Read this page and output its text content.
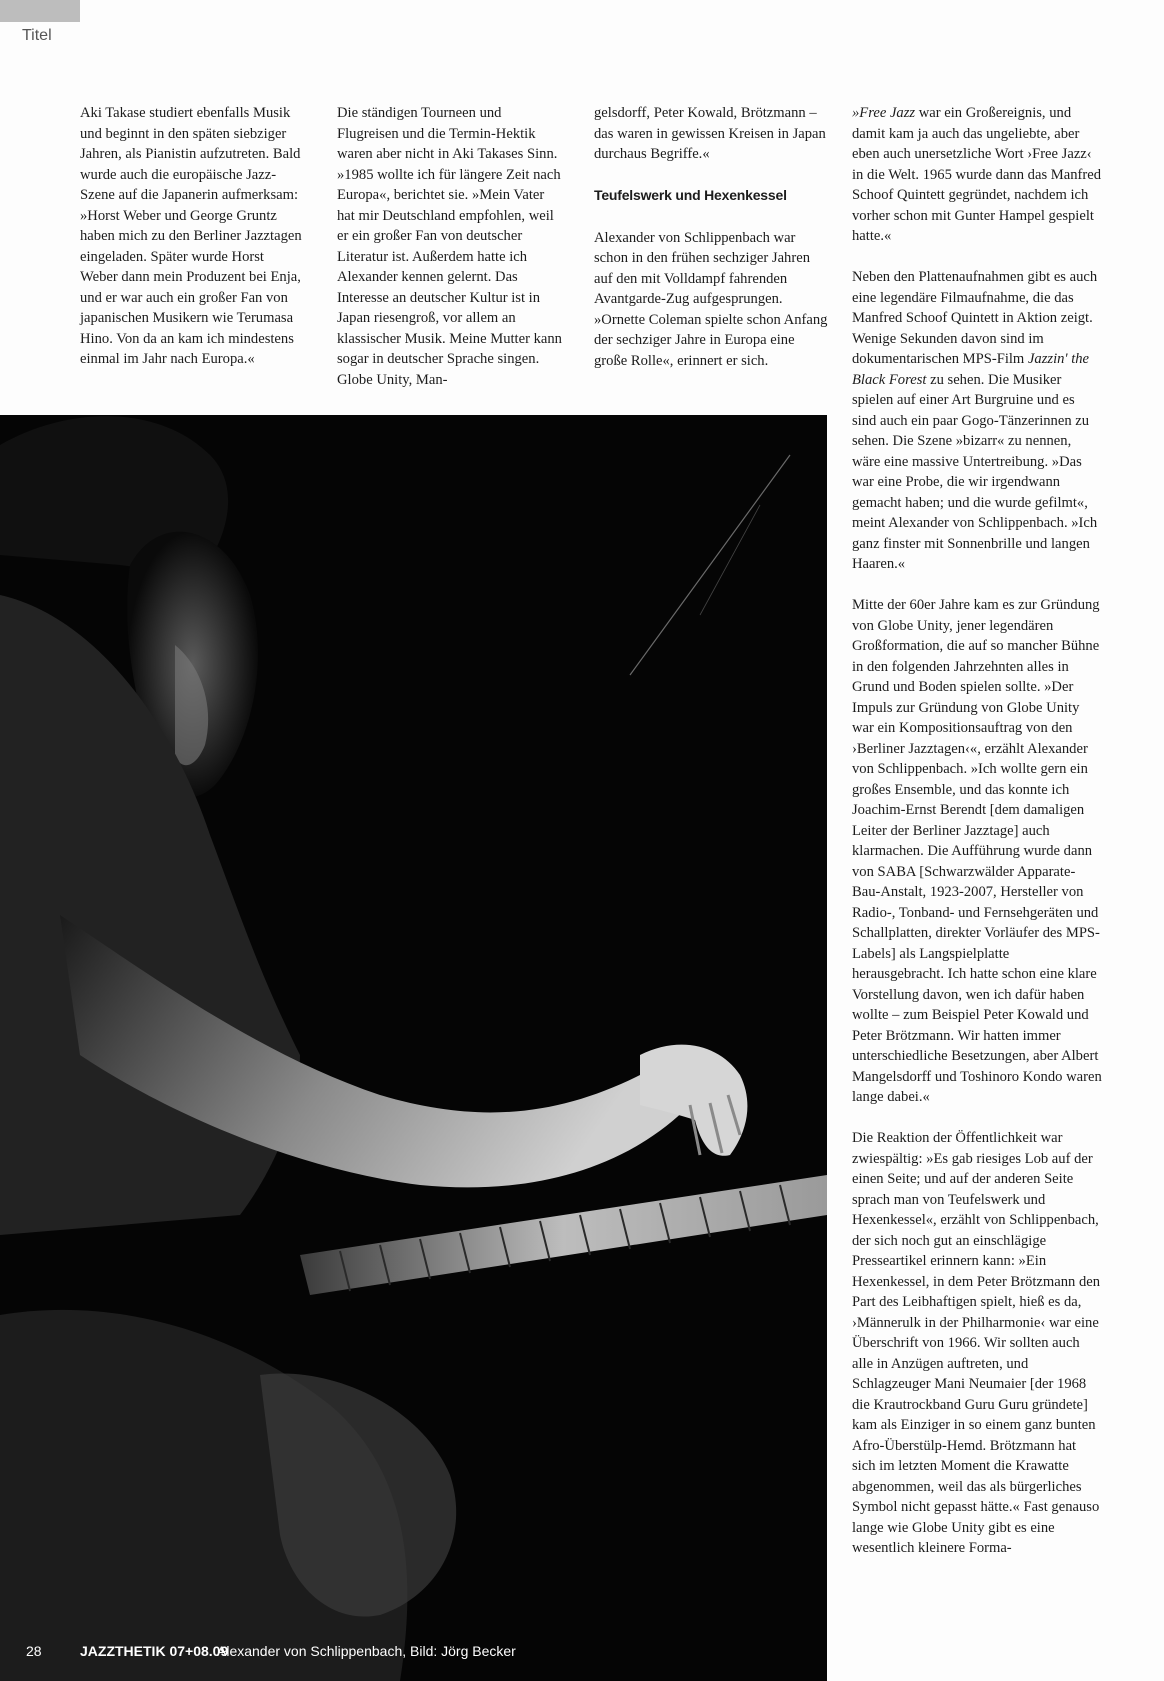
Titel

Aki Takase studiert ebenfalls Musik und beginnt in den späten siebziger Jahren, als Pianistin aufzutreten. Bald wurde auch die europäische Jazz-Szene auf die Japanerin aufmerksam: »Horst Weber und George Gruntz haben mich zu den Berliner Jazztagen eingeladen. Später wurde Horst Weber dann mein Produzent bei Enja, und er war auch ein großer Fan von japanischen Musikern wie Terumasa Hino. Von da an kam ich mindestens einmal im Jahr nach Europa.«

Die ständigen Tourneen und Flugreisen und die Termin-Hektik waren aber nicht in Aki Takases Sinn. »1985 wollte ich für längere Zeit nach Europa«, berichtet sie. »Mein Vater hat mir Deutschland empfohlen, weil er ein großer Fan von deutscher Literatur ist. Außerdem hatte ich Alexander kennen gelernt. Das Interesse an deutscher Kultur ist in Japan riesengroß, vor allem an klassischer Musik. Meine Mutter kann sogar in deutscher Sprache singen. Globe Unity, Man-

gelsdorff, Peter Kowald, Brötzmann – das waren in gewissen Kreisen in Japan durchaus Begriffe.«

Teufelswerk und Hexenkessel

Alexander von Schlippenbach war schon in den frühen sechziger Jahren auf den mit Volldampf fahrenden Avantgarde-Zug aufgesprungen. »Ornette Coleman spielte schon Anfang der sechziger Jahre in Europa eine große Rolle«, erinnert er sich.

»Free Jazz war ein Großereignis, und damit kam ja auch das ungeliebte, aber eben auch unersetzliche Wort ›Free Jazz‹ in die Welt. 1965 wurde dann das Manfred Schoof Quintett gegründet, nachdem ich vorher schon mit Gunter Hampel gespielt hatte.«

Neben den Plattenaufnahmen gibt es auch eine legendäre Filmaufnahme, die das Manfred Schoof Quintett in Aktion zeigt. Wenige Sekunden davon sind im dokumentarischen MPS-Film Jazzin' the Black Forest zu sehen. Die Musiker spielen auf einer Art Burgruine und es sind auch ein paar Gogo-Tänzerinnen zu sehen. Die Szene »bizarr« zu nennen, wäre eine massive Untertreibung. »Das war eine Probe, die wir irgendwann gemacht haben; und die wurde gefilmt«, meint Alexander von Schlippenbach. »Ich ganz finster mit Sonnenbrille und langen Haaren.«

Mitte der 60er Jahre kam es zur Gründung von Globe Unity, jener legendären Großformation, die auf so mancher Bühne in den folgenden Jahrzehnten alles in Grund und Boden spielen sollte. »Der Impuls zur Gründung von Globe Unity war ein Kompositionsauftrag von den ›Berliner Jazztagen‹«, erzählt Alexander von Schlippenbach. »Ich wollte gern ein großes Ensemble, und das konnte ich Joachim-Ernst Berendt [dem damaligen Leiter der Berliner Jazztage] auch klarmachen. Die Aufführung wurde dann von SABA [Schwarzwälder Apparate-Bau-Anstalt, 1923-2007, Hersteller von Radio-, Tonband- und Fernsehgeräten und Schallplatten, direkter Vorläufer des MPS-Labels] als Langspielplatte herausgebracht. Ich hatte schon eine klare Vorstellung davon, wen ich dafür haben wollte – zum Beispiel Peter Kowald und Peter Brötzmann. Wir hatten immer unterschiedliche Besetzungen, aber Albert Mangelsdorff und Toshinoro Kondo waren lange dabei.«

Die Reaktion der Öffentlichkeit war zwiespältig: »Es gab riesiges Lob auf der einen Seite; und auf der anderen Seite sprach man von Teufelswerk und Hexenkessel«, erzählt von Schlippenbach, der sich noch gut an einschlägige Presseartikel erinnern kann: »Ein Hexenkessel, in dem Peter Brötzmann den Part des Leibhaftigen spielt, hieß es da, ›Männerulk in der Philharmonie‹ war eine Überschrift von 1966. Wir sollten auch alle in Anzügen auftreten, und Schlagzeuger Mani Neumaier [der 1968 die Krautrockband Guru Guru gründete] kam als Einziger in so einem ganz bunten Afro-Überstülp-Hemd. Brötzmann hat sich im letzten Moment die Krawatte abgenommen, weil das als bürgerliches Symbol nicht gepasst hätte.« Fast genauso lange wie Globe Unity gibt es eine wesentlich kleinere Forma-

28	JAZZTHETIK 07+08.09
Alexander von Schlippenbach, Bild: Jörg Becker
